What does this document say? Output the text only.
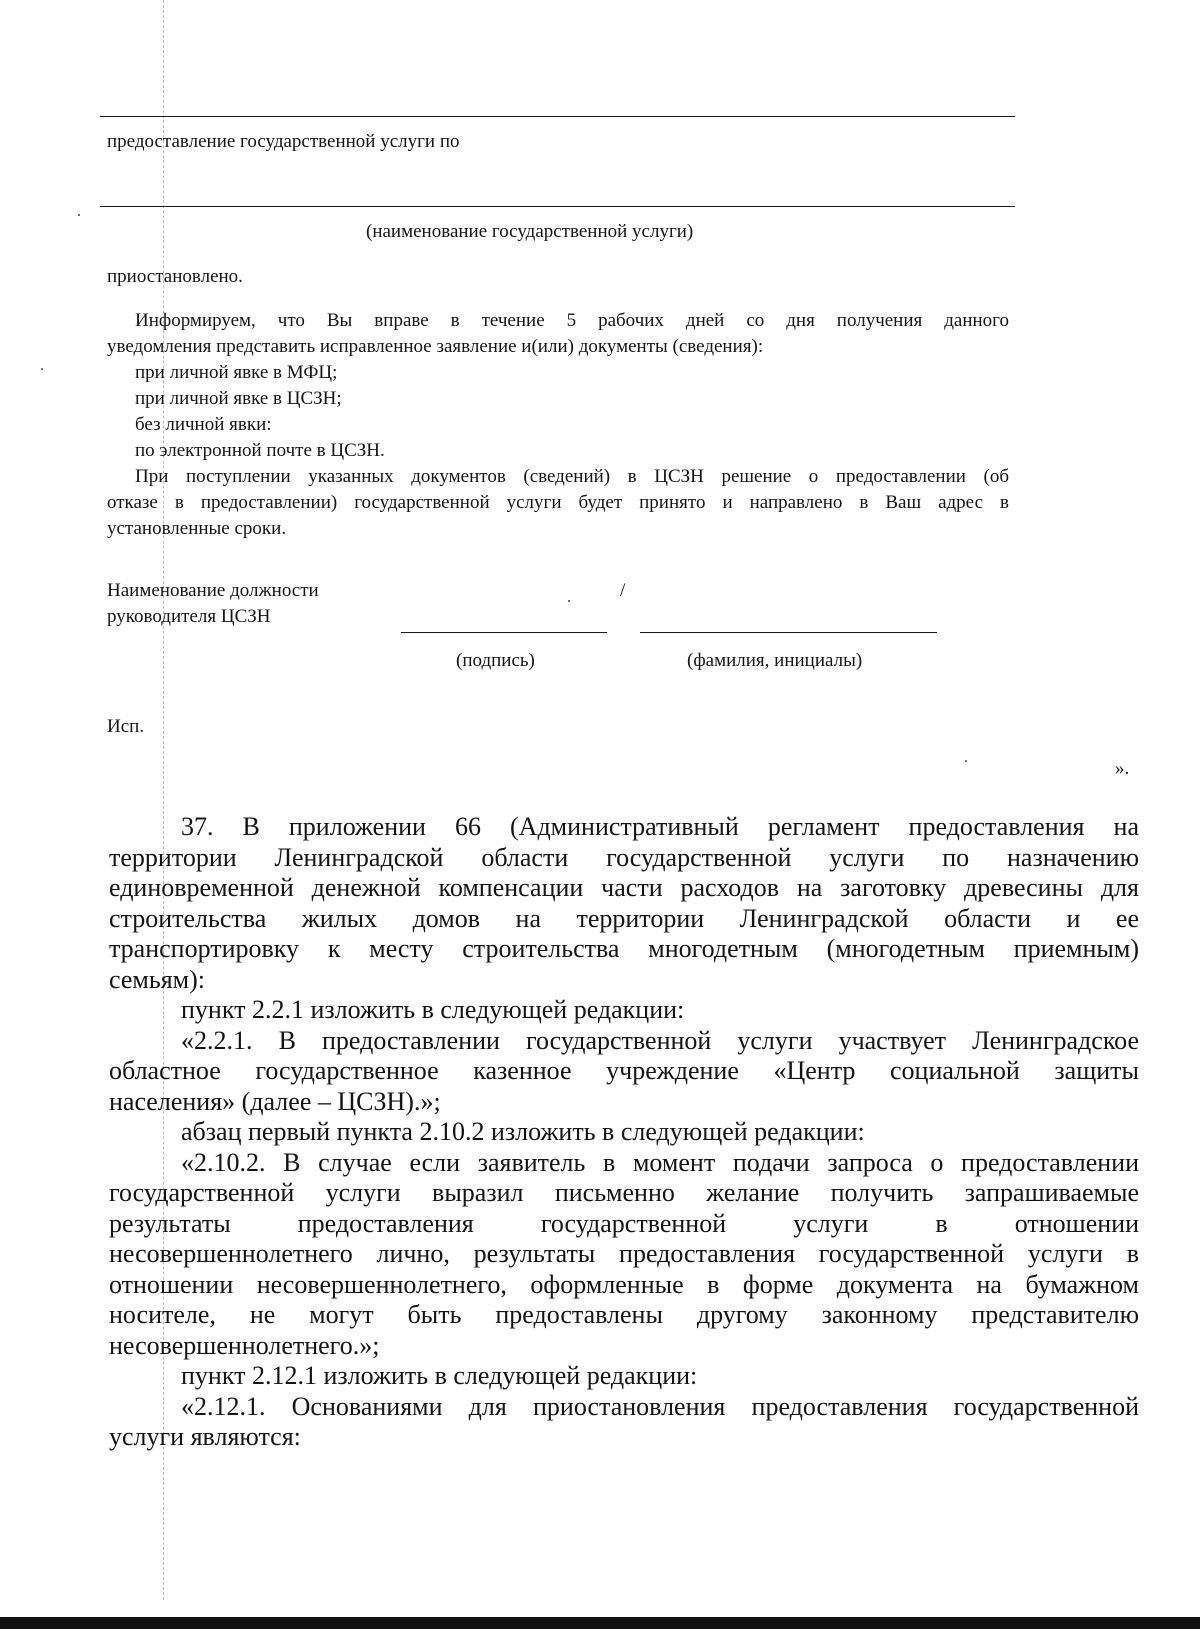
предоставление государственной услуги по
(наименование государственной услуги)
приостановлено.
Информируем, что Вы вправе в течение 5 рабочих дней со дня получения данного
уведомления представить исправленное заявление и(или) документы (сведения):
при личной явке в МФЦ;
при личной явке в ЦСЗН;
без личной явки:
по электронной почте в ЦСЗН.
При поступлении указанных документов (сведений) в ЦСЗН решение о предоставлении (об
отказе в предоставлении) государственной услуги будет принято и направлено в Ваш адрес в
установленные сроки.
Наименование должности
руководителя ЦСЗН
/
(подпись)	(фамилия, инициалы)
Исп.
».
37. В приложении 66 (Административный регламент предоставления на
территории Ленинградской области государственной услуги по назначению
единовременной денежной компенсации части расходов на заготовку древесины для
строительства жилых домов на территории Ленинградской области и ее
транспортировку к месту строительства многодетным (многодетным приемным)
семьям):
пункт 2.2.1 изложить в следующей редакции:
«2.2.1. В предоставлении государственной услуги участвует Ленинградское
областное государственное казенное учреждение «Центр социальной защиты
населения» (далее – ЦСЗН).»;
абзац первый пункта 2.10.2 изложить в следующей редакции:
«2.10.2. В случае если заявитель в момент подачи запроса о предоставлении
государственной услуги выразил письменно желание получить запрашиваемые
результаты предоставления государственной услуги в отношении
несовершеннолетнего лично, результаты предоставления государственной услуги в
отношении несовершеннолетнего, оформленные в форме документа на бумажном
носителе, не могут быть предоставлены другому законному представителю
несовершеннолетнего.»;
пункт 2.12.1 изложить в следующей редакции:
«2.12.1. Основаниями для приостановления предоставления государственной
услуги являются:
